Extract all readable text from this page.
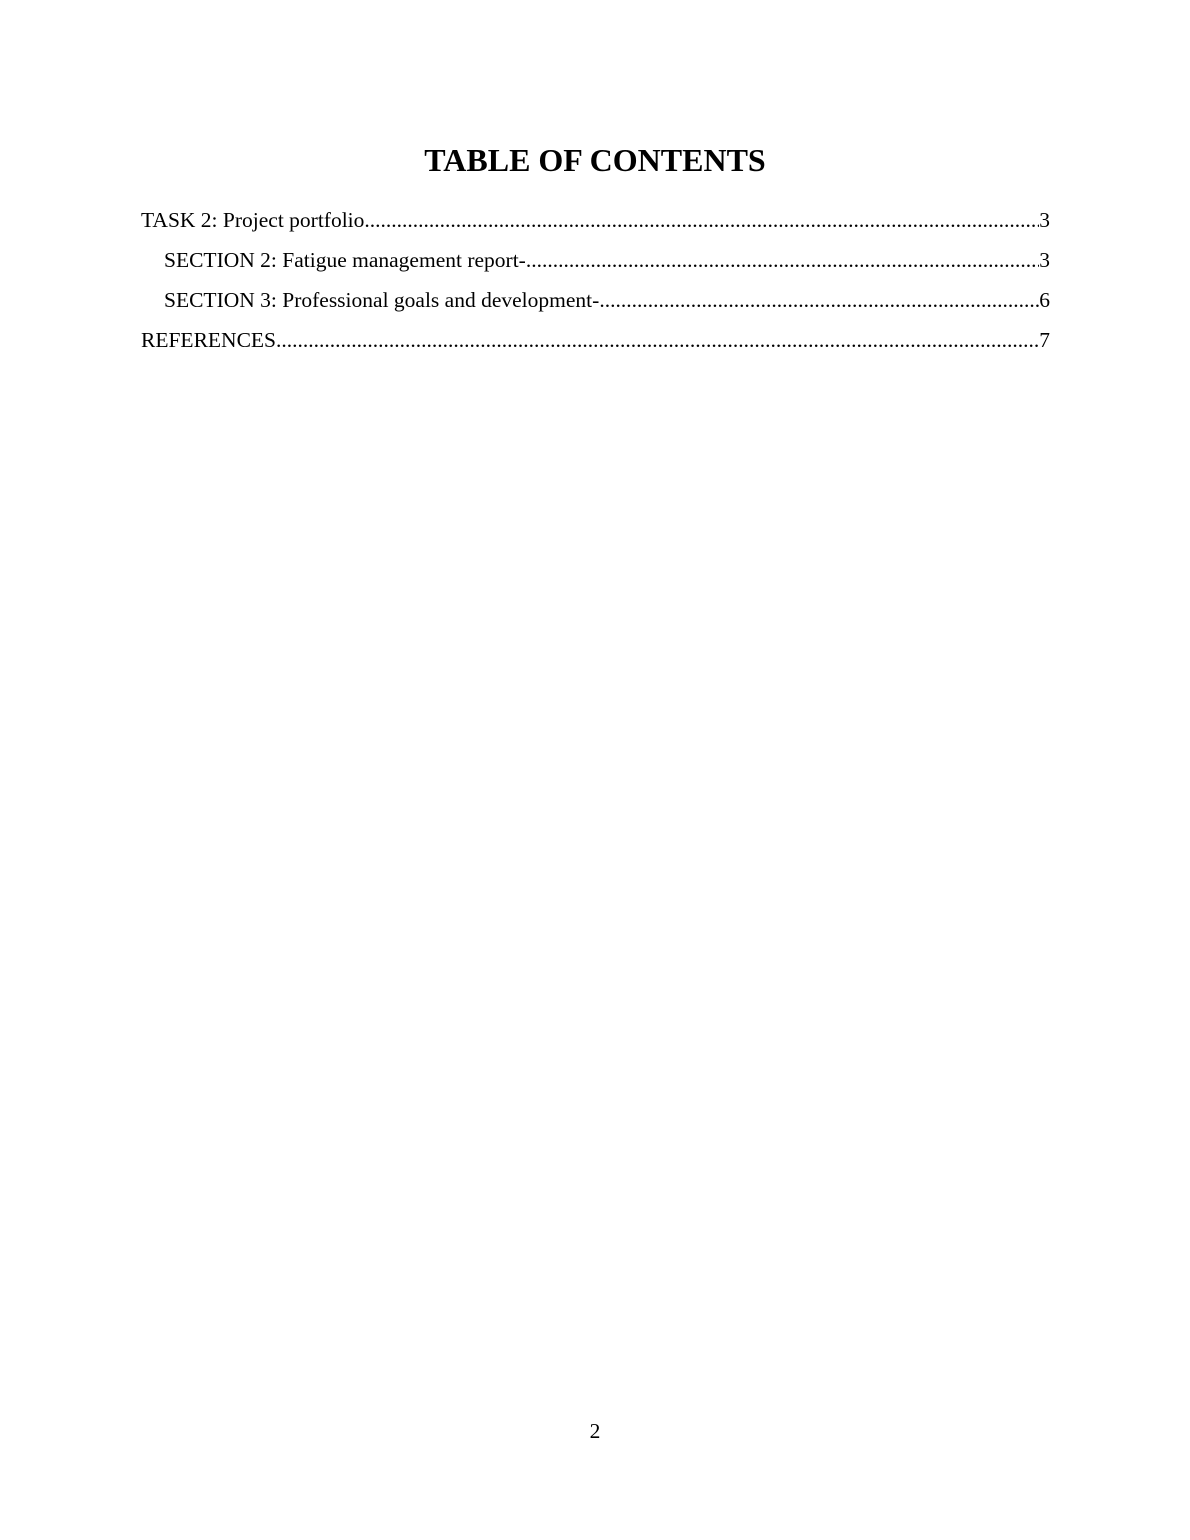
TABLE OF CONTENTS
TASK 2: Project portfolio .....	3
SECTION 2: Fatigue management report- .....	3
SECTION 3: Professional goals and development- .....	6
REFERENCES .....	7
2
